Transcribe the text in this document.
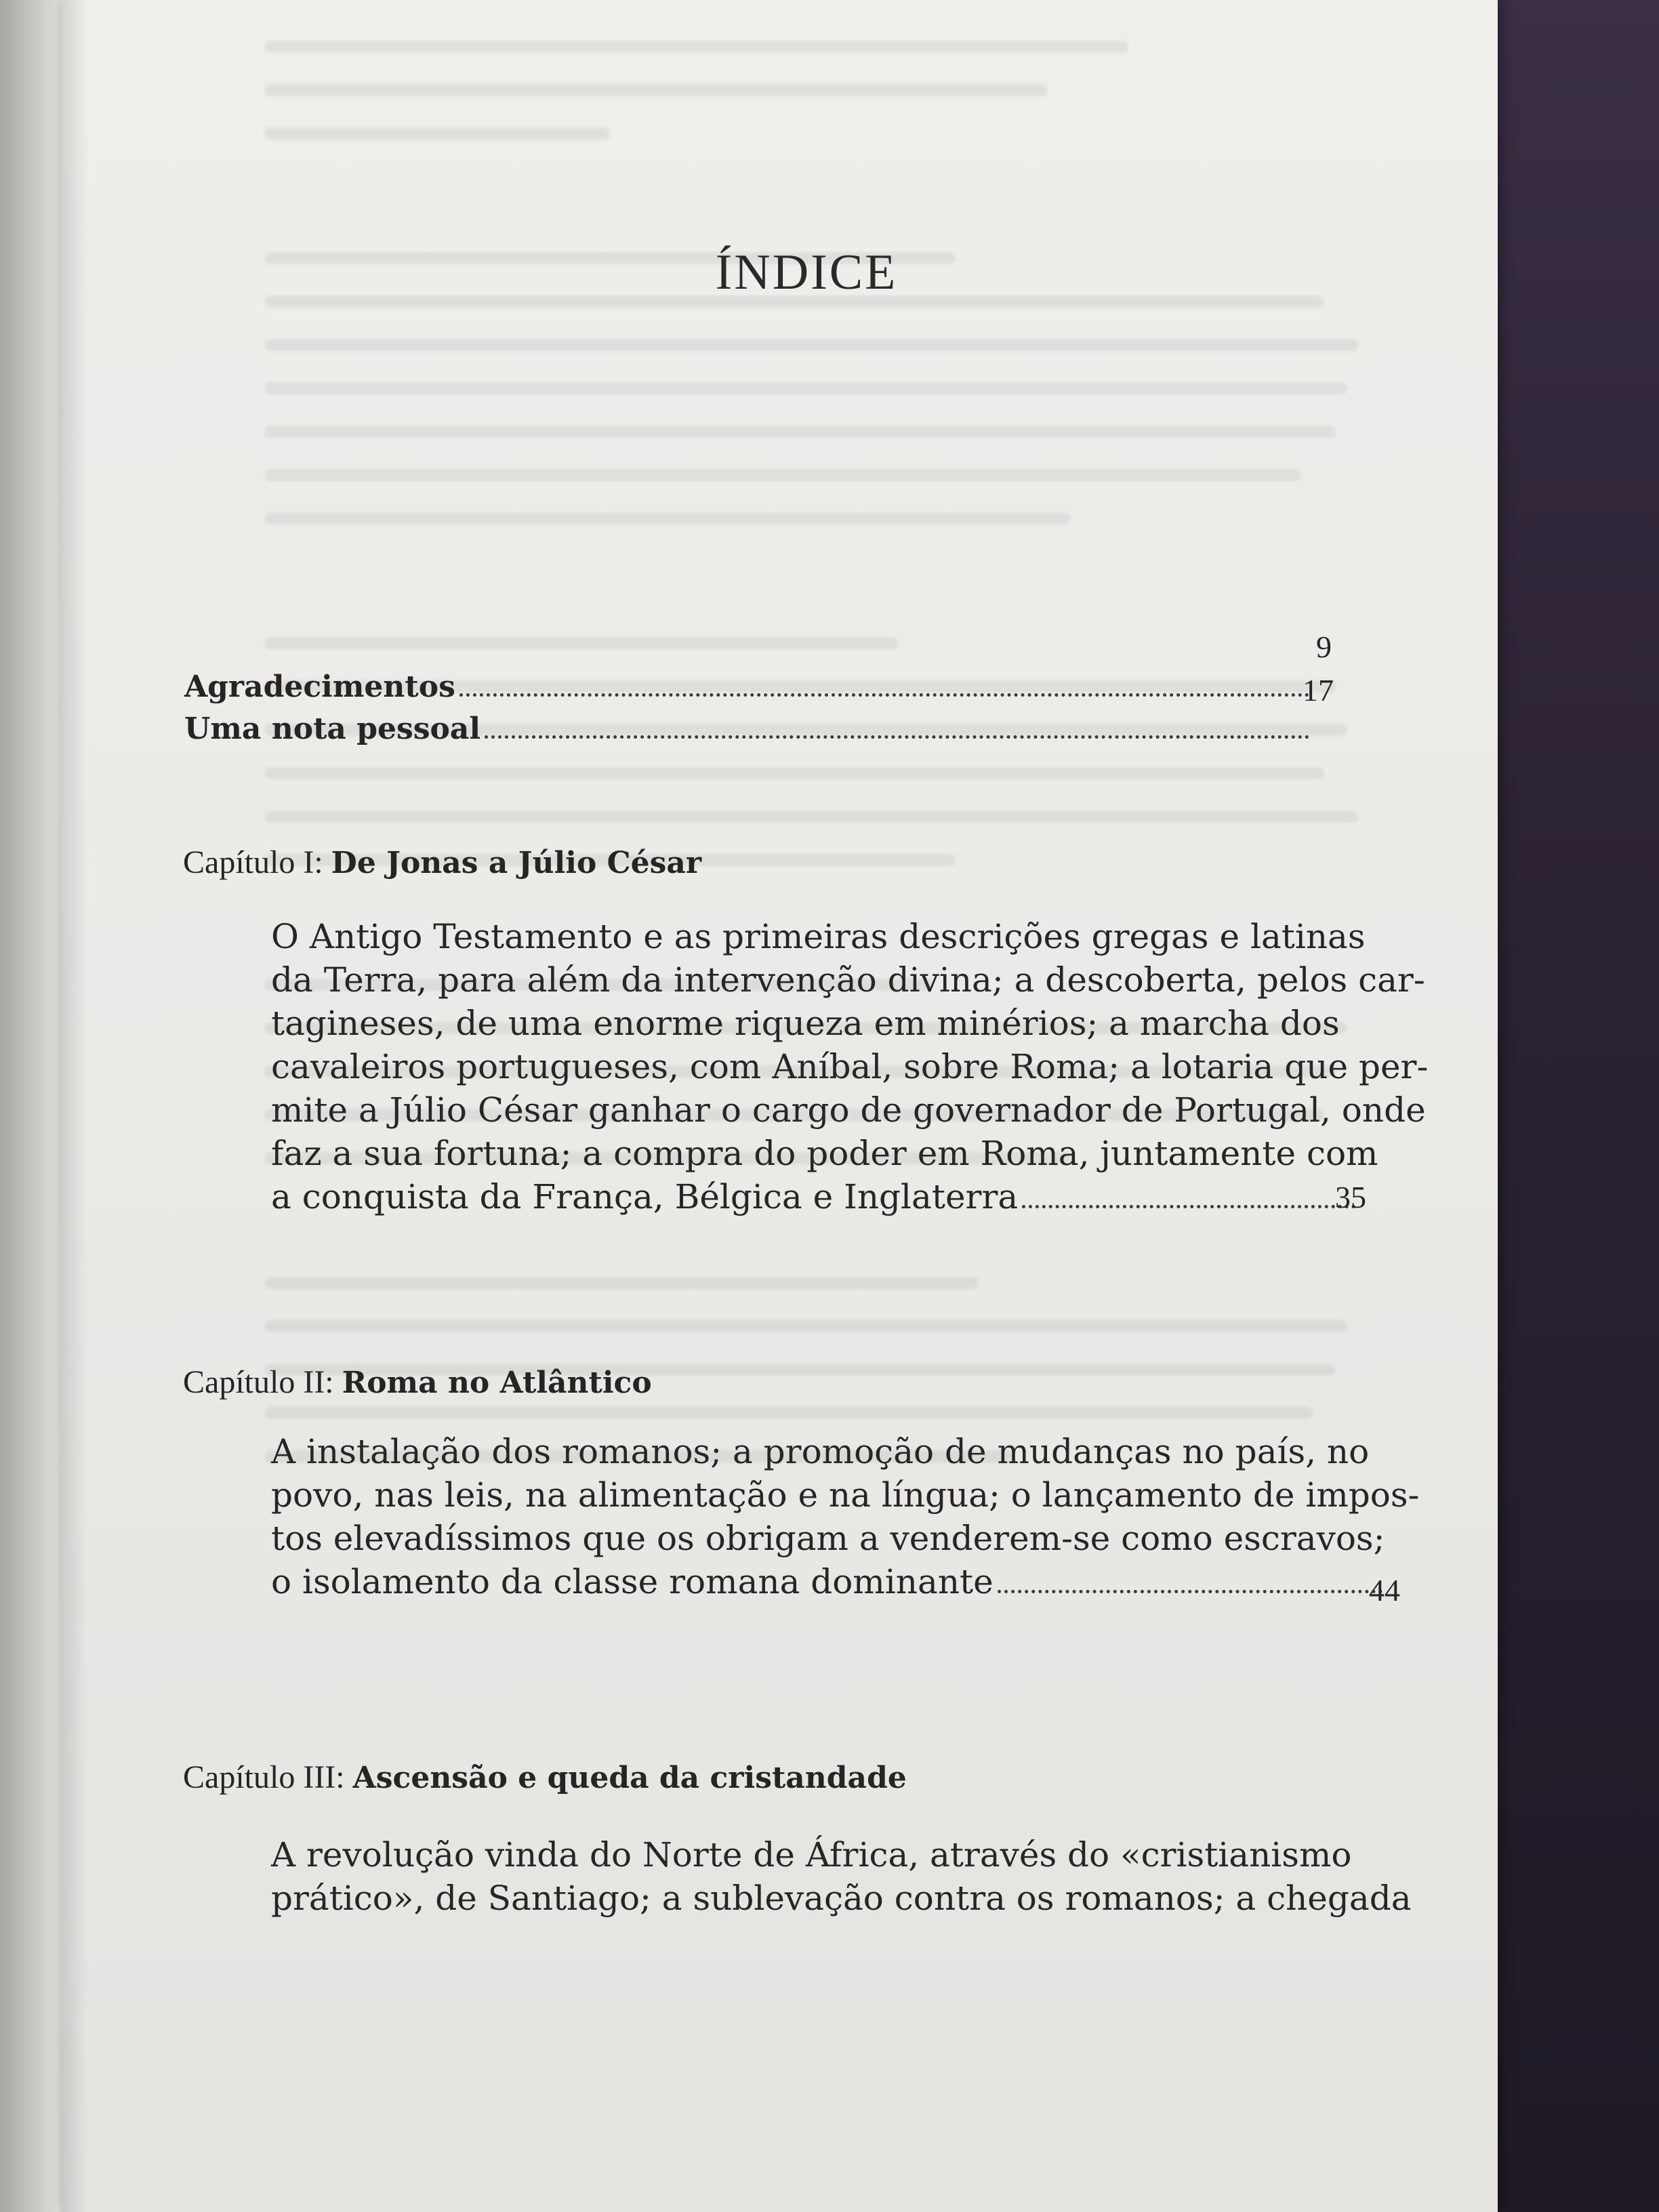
ÍNDICE
Agradecimentos
9
Uma nota pessoal
17
Capítulo I: De Jonas a Júlio César
O Antigo Testamento e as primeiras descrições gregas e latinas
da Terra, para além da intervenção divina; a descoberta, pelos car-
tagineses, de uma enorme riqueza em minérios; a marcha dos
cavaleiros portugueses, com Aníbal, sobre Roma; a lotaria que per-
mite a Júlio César ganhar o cargo de governador de Portugal, onde
faz a sua fortuna; a compra do poder em Roma, juntamente com
a conquista da França, Bélgica e Inglaterra	35
Capítulo II: Roma no Atlântico
A instalação dos romanos; a promoção de mudanças no país, no
povo, nas leis, na alimentação e na língua; o lançamento de impos-
tos elevadíssimos que os obrigam a venderem-se como escravos;
o isolamento da classe romana dominante	44
Capítulo III: Ascensão e queda da cristandade
A revolução vinda do Norte de África, através do «cristianismo
prático», de Santiago; a sublevação contra os romanos; a chegada
